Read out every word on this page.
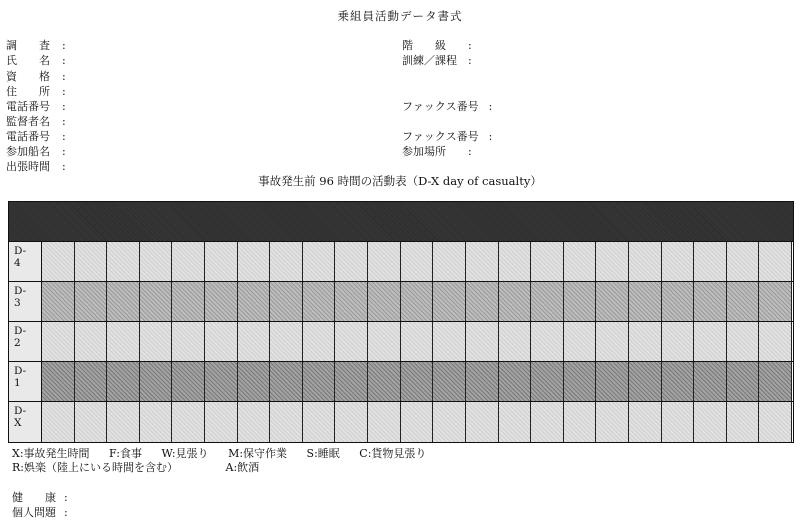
乗組員活動データ書式
調　　査 :
氏　　名 :
資　　格 :
住　　所 :
電話番号 :
監督者名 :
電話番号 :
参加船名 :
出張時間 :
階　　級 :
訓練／課程 :
ファックス番号 :
ファックス番号 :
参加場所 :
事故発生前 96 時間の活動表（D-X day of casualty）
D-
4
D-
3
D-
2
D-
1
D-
X
X:事故発生時間 F:食事 W:見張り M:保守作業 S:睡眠 C:貨物見張り
R:娯楽（陸上にいる時間を含む）	A:飲酒
健　　康 :
個人問題 :
